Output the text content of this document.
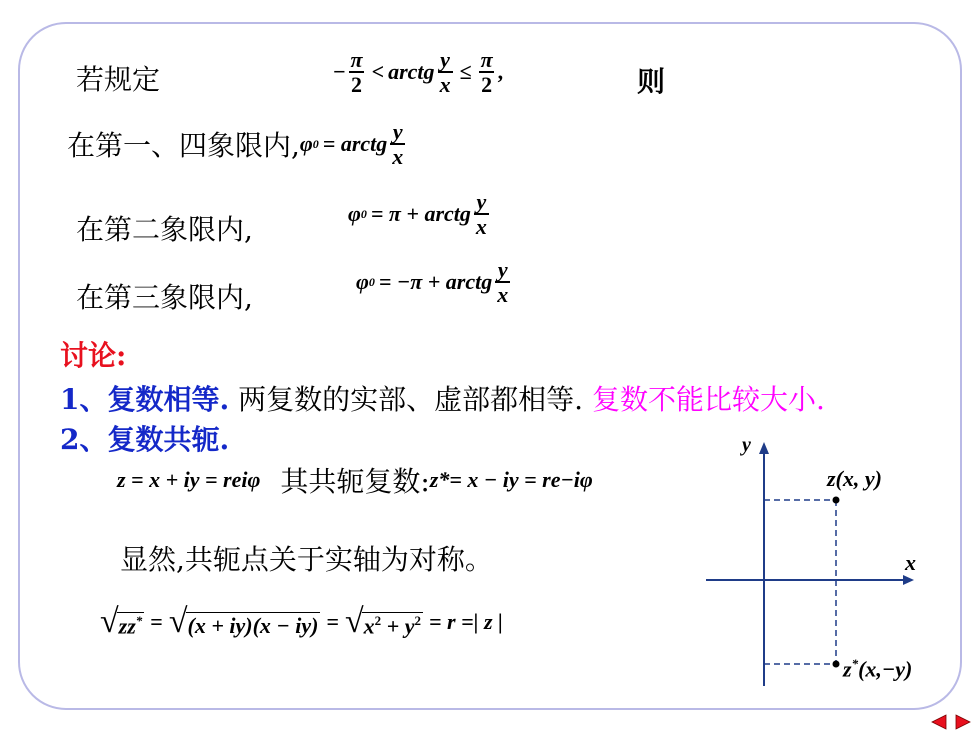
若规定	− $\frac{\pi}{2}$ < arctg $\frac{y}{x} \le \frac{\pi}{2}$ ,	则
在第一、四象限内, φ 0 = arctg $\frac{y}{x}$
在第二象限内,	φ 0 = π + arctg $\frac{y}{x}$
在第三象限内,	φ 0 = −π + arctg $\frac{y}{x}$
讨论:
1、复数相等. 两复数的实部、虚部都相等. 复数不能比较大小.
2、复数共轭.
z = x + iy = re iφ 其共轭复数: z * = x − iy = re −iφ
显然,共轭点关于实轴为对称。
√ zz* = √ (x + iy)(x − iy) = √ $x^2 + y^2 = r$ =| z |
y
x
z(x, y)
z*(x,−y)
